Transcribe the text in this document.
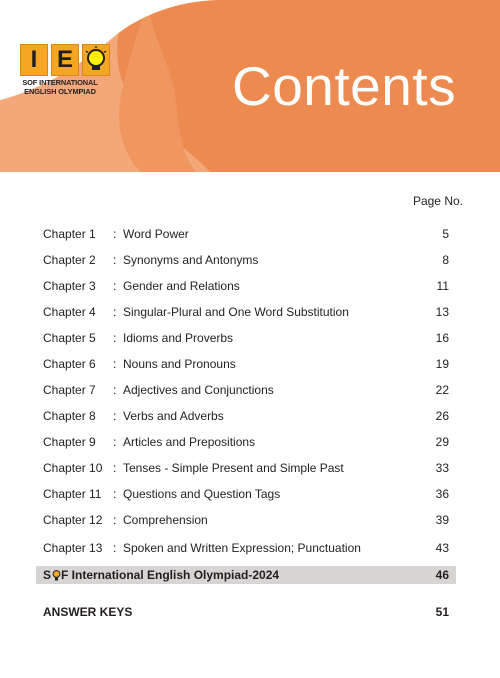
I E
SOF INTERNATIONAL ENGLISH OLYMPIAD Contents
Page No.
Chapter 1	: Word Power	5
Chapter 2	: Synonyms and Antonyms	8
Chapter 3	: Gender and Relations	11
Chapter 4	: Singular-Plural and One Word Substitution	13
Chapter 5	: Idioms and Proverbs	16
Chapter 6	: Nouns and Pronouns	19
Chapter 7	: Adjectives and Conjunctions	22
Chapter 8	: Verbs and Adverbs	26
Chapter 9	: Articles and Prepositions	29
Chapter 10 : Tenses - Simple Present and Simple Past	33
Chapter 11 : Questions and Question Tags	36
Chapter 12 : Comprehension	39
Chapter 13 : Spoken and Written Expression; Punctuation	43
S F International English Olympiad-2024	46
ANSWER KEYS	51
